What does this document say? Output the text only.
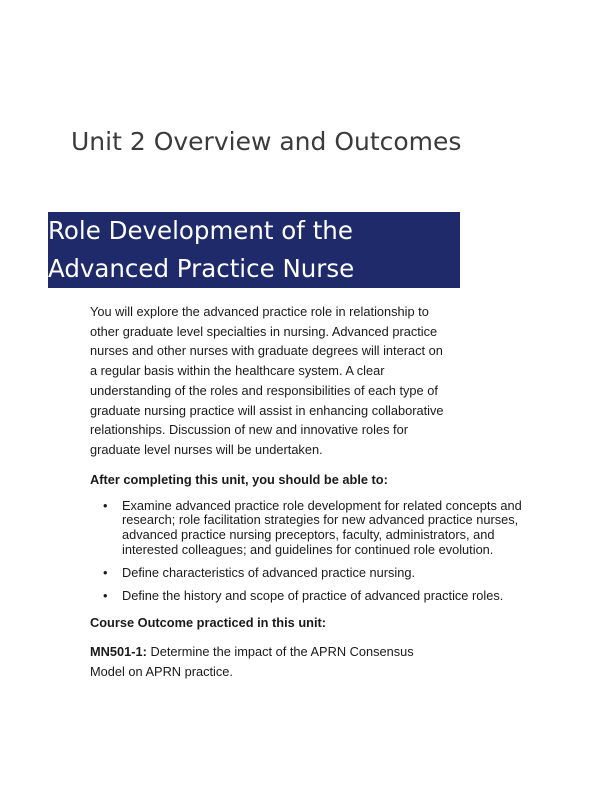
Unit 2 Overview and Outcomes
Role Development of the Advanced Practice Nurse

You will explore the advanced practice role in relationship to other graduate level specialties in nursing. Advanced practice nurses and other nurses with graduate degrees will interact on a regular basis within the healthcare system. A clear understanding of the roles and responsibilities of each type of graduate nursing practice will assist in enhancing collaborative relationships. Discussion of new and innovative roles for graduate level nurses will be undertaken.

After completing this unit, you should be able to:

• Examine advanced practice role development for related concepts and research; role facilitation strategies for new advanced practice nurses, advanced practice nursing preceptors, faculty, administrators, and interested colleagues; and guidelines for continued role evolution.
• Define characteristics of advanced practice nursing.
• Define the history and scope of practice of advanced practice roles.

Course Outcome practiced in this unit:

MN501-1: Determine the impact of the APRN Consensus Model on APRN practice.
